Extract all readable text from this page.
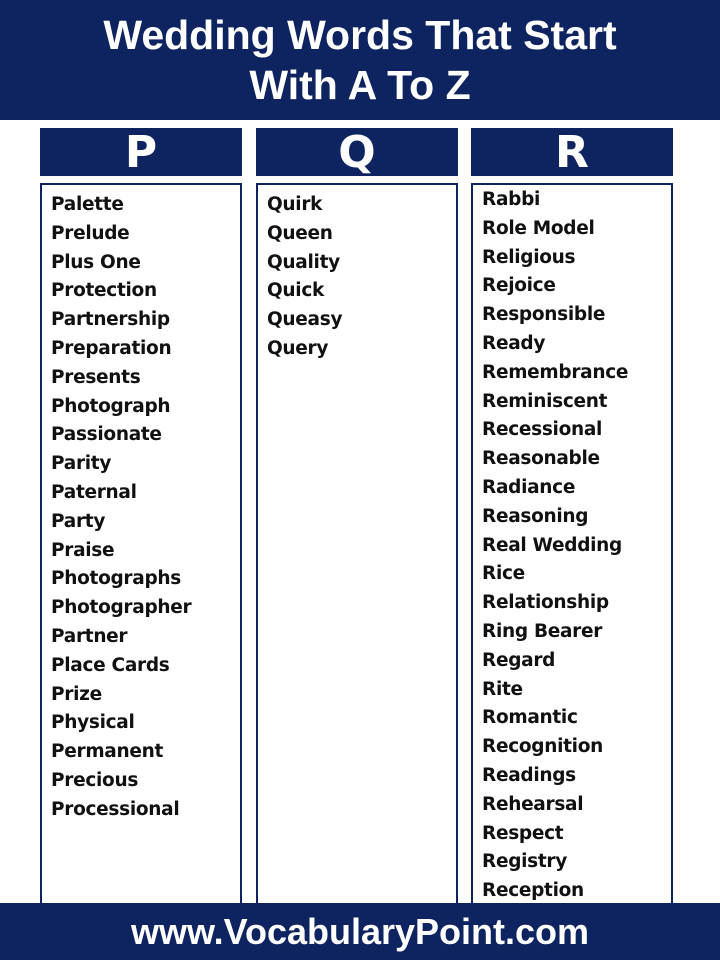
Wedding Words That Start
With A To Z
P	Q	R
Palette
Prelude
Plus One
Protection
Partnership
Preparation
Presents
Photograph
Passionate
Parity
Paternal
Party
Praise
Photographs
Photographer
Partner
Place Cards
Prize
Physical
Permanent
Precious
Processional
Quirk
Queen
Quality
Quick
Queasy
Query
Rabbi
Role Model
Religious
Rejoice
Responsible
Ready
Remembrance
Reminiscent
Recessional
Reasonable
Radiance
Reasoning
Real Wedding
Rice
Relationship
Ring Bearer
Regard
Rite
Romantic
Recognition
Readings
Rehearsal
Respect
Registry
Reception
www.VocabularyPoint.com
